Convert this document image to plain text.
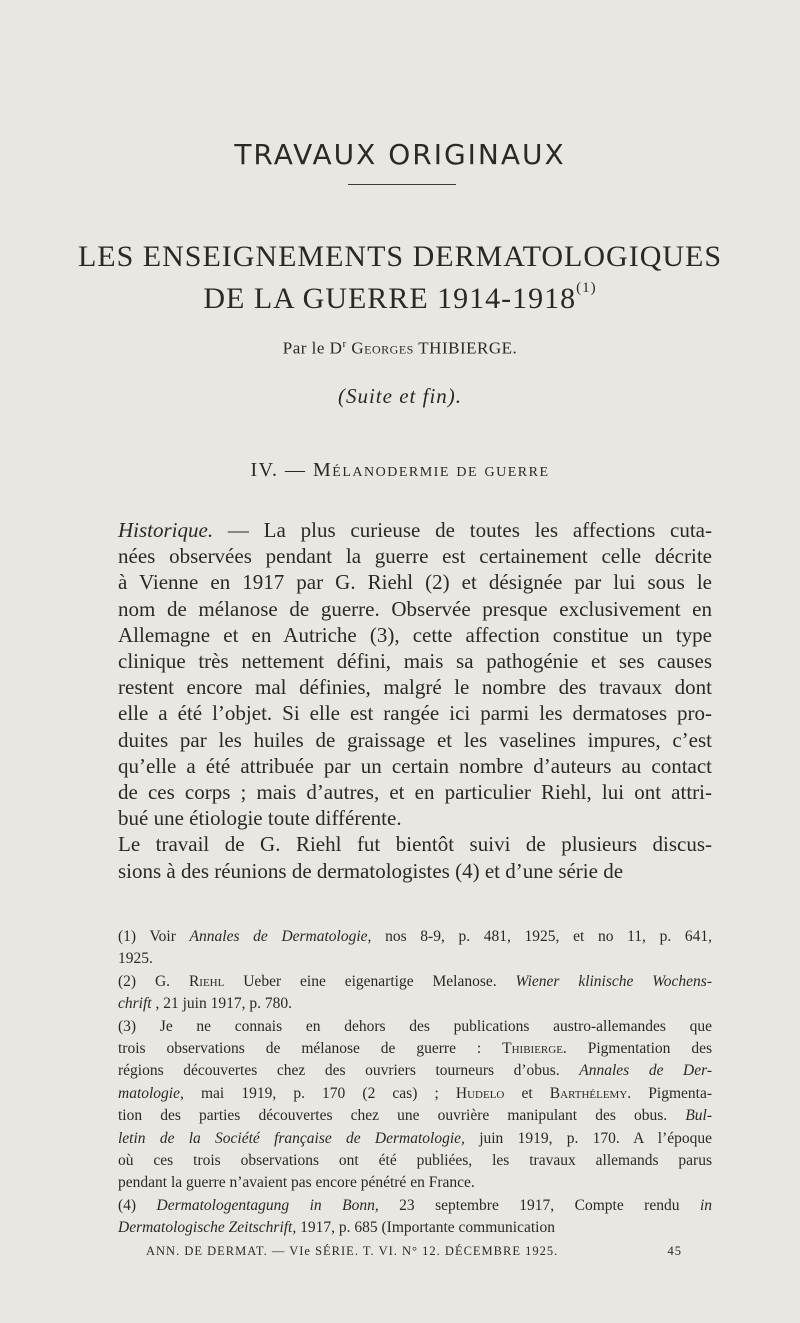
TRAVAUX ORIGINAUX
LES ENSEIGNEMENTS DERMATOLOGIQUES
DE LA GUERRE 1914-1918$^{(1)}$
Par le $D^r$ Georges THIBIERGE.
(Suite et fin).
IV. — Mélanodermie de guerre
Historique. — La plus curieuse de toutes les affections cuta-
nées observées pendant la guerre est certainement celle décrite
à Vienne en 1917 par G. Riehl (2) et désignée par lui sous le
nom de mélanose de guerre. Observée presque exclusivement en
Allemagne et en Autriche (3), cette affection constitue un type
clinique très nettement défini, mais sa pathogénie et ses causes
restent encore mal définies, malgré le nombre des travaux dont
elle a été l’objet. Si elle est rangée ici parmi les dermatoses pro-
duites par les huiles de graissage et les vaselines impures, c’est
qu’elle a été attribuée par un certain nombre d’auteurs au contact
de ces corps ; mais d’autres, et en particulier Riehl, lui ont attri-
bué une étiologie toute différente.
Le travail de G. Riehl fut bientôt suivi de plusieurs discus-
sions à des réunions de dermatologistes (4) et d’une série de
(1) Voir Annales de Dermatologie, nos 8-9, p. 481, 1925, et no 11, p. 641,
1925.
(2) G. Riehl Ueber eine eigenartige Melanose. Wiener klinische Wochens-
chrift , 21 juin 1917, p. 780.
(3) Je ne connais en dehors des publications austro-allemandes que
trois observations de mélanose de guerre : Thibierge. Pigmentation des
régions découvertes chez des ouvriers tourneurs d’obus. Annales de Der-
matologie, mai 1919, p. 170 (2 cas) ; Hudelo et Barthélemy. Pigmenta-
tion des parties découvertes chez une ouvrière manipulant des obus. Bul-
letin de la Société française de Dermatologie, juin 1919, p. 170. A l’époque
où ces trois observations ont été publiées, les travaux allemands parus
pendant la guerre n’avaient pas encore pénétré en France.
(4) Dermatologentagung in Bonn, 23 septembre 1917, Compte rendu in
Dermatologische Zeitschrift, 1917, p. 685 (Importante communication
ANN. DE DERMAT. — VIe SÉRIE. T. VI. N° 12. DÉCEMBRE 1925.	45
